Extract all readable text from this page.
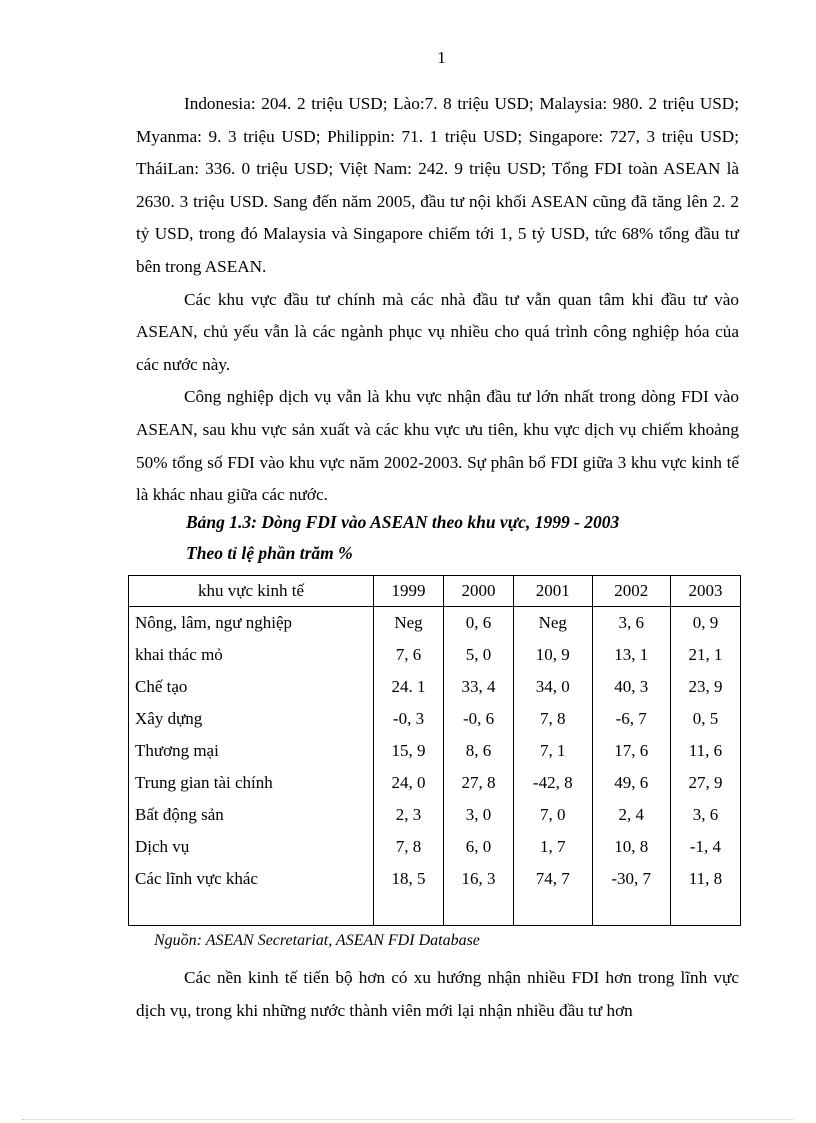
1

Indonesia: 204. 2 triệu USD; Lào:7. 8 triệu USD; Malaysia: 980. 2 triệu USD; Myanma: 9. 3 triệu USD; Philippin: 71. 1 triệu USD; Singapore: 727, 3 triệu USD; TháiLan: 336. 0 triệu USD; Việt Nam: 242. 9 triệu USD; Tổng FDI toàn ASEAN là 2630. 3 triệu USD. Sang đến năm 2005, đầu tư nội khối ASEAN cũng đã tăng lên 2. 2 tỷ USD, trong đó Malaysia và Singapore chiếm tới 1, 5 tỷ USD, tức 68% tổng đầu tư bên trong ASEAN.

Các khu vực đầu tư chính mà các nhà đầu tư vẫn quan tâm khi đầu tư vào ASEAN, chủ yếu vẫn là các ngành phục vụ nhiều cho quá trình công nghiệp hóa của các nước này.

Công nghiệp dịch vụ vẫn là khu vực nhận đầu tư lớn nhất trong dòng FDI vào ASEAN, sau khu vực sản xuất và các khu vực ưu tiên, khu vực dịch vụ chiếm khoảng 50% tổng số FDI vào khu vực năm 2002-2003. Sự phân bổ FDI giữa 3 khu vực kinh tế là khác nhau giữa các nước.

Bảng 1.3: Dòng FDI vào ASEAN theo khu vực, 1999 - 2003
Theo tỉ lệ phần trăm %
khu vực kinh tế	1999	2000	2001	2002	2003
Nông, lâm, ngư nghiệp	Neg	0, 6	Neg	3, 6	0, 9
khai thác mỏ	7, 6	5, 0	10, 9	13, 1	21, 1
Chế tạo	24. 1	33, 4	34, 0	40, 3	23, 9
Xây dựng	-0, 3	-0, 6	7, 8	-6, 7	0, 5
Thương mại	15, 9	8, 6	7, 1	17, 6	11, 6
Trung gian tài chính	24, 0	27, 8	-42, 8	49, 6	27, 9
Bất động sản	2, 3	3, 0	7, 0	2, 4	3, 6
Dịch vụ	7, 8	6, 0	1, 7	10, 8	-1, 4
Các lĩnh vực khác	18, 5	16, 3	74, 7	-30, 7	11, 8

Nguồn: ASEAN Secretariat, ASEAN FDI Database

Các nền kinh tế tiến bộ hơn có xu hướng nhận nhiều FDI hơn trong lĩnh vực dịch vụ, trong khi những nước thành viên mới lại nhận nhiều đầu tư hơn
